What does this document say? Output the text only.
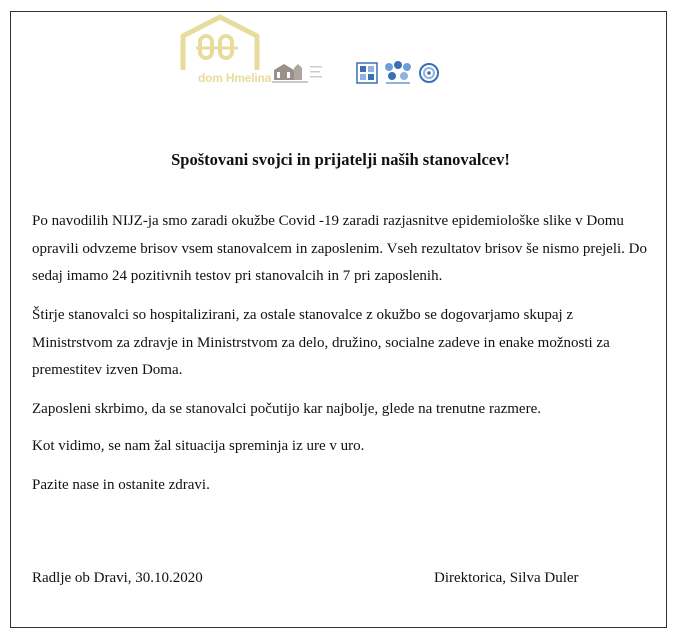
dom Hmelina
Spoštovani svojci in prijatelji naših stanovalcev!

Po navodilih NIJZ-ja smo zaradi okužbe Covid -19 zaradi razjasnitve epidemiološke slike v Domu opravili odvzeme brisov vsem stanovalcem in zaposlenim. Vseh rezultatov brisov še nismo prejeli. Do sedaj imamo 24 pozitivnih testov pri stanovalcih in 7 pri zaposlenih.

Štirje stanovalci so hospitalizirani, za ostale stanovalce z okužbo se dogovarjamo skupaj z Ministrstvom za zdravje in Ministrstvom za delo, družino, socialne zadeve in enake možnosti za premestitev izven Doma.

Zaposleni skrbimo, da se stanovalci počutijo kar najbolje, glede na trenutne razmere.

Kot vidimo, se nam žal situacija spreminja iz ure v uro.

Pazite nase in ostanite zdravi.

Radlje ob Dravi, 30.10.2020	Direktorica, Silva Duler
